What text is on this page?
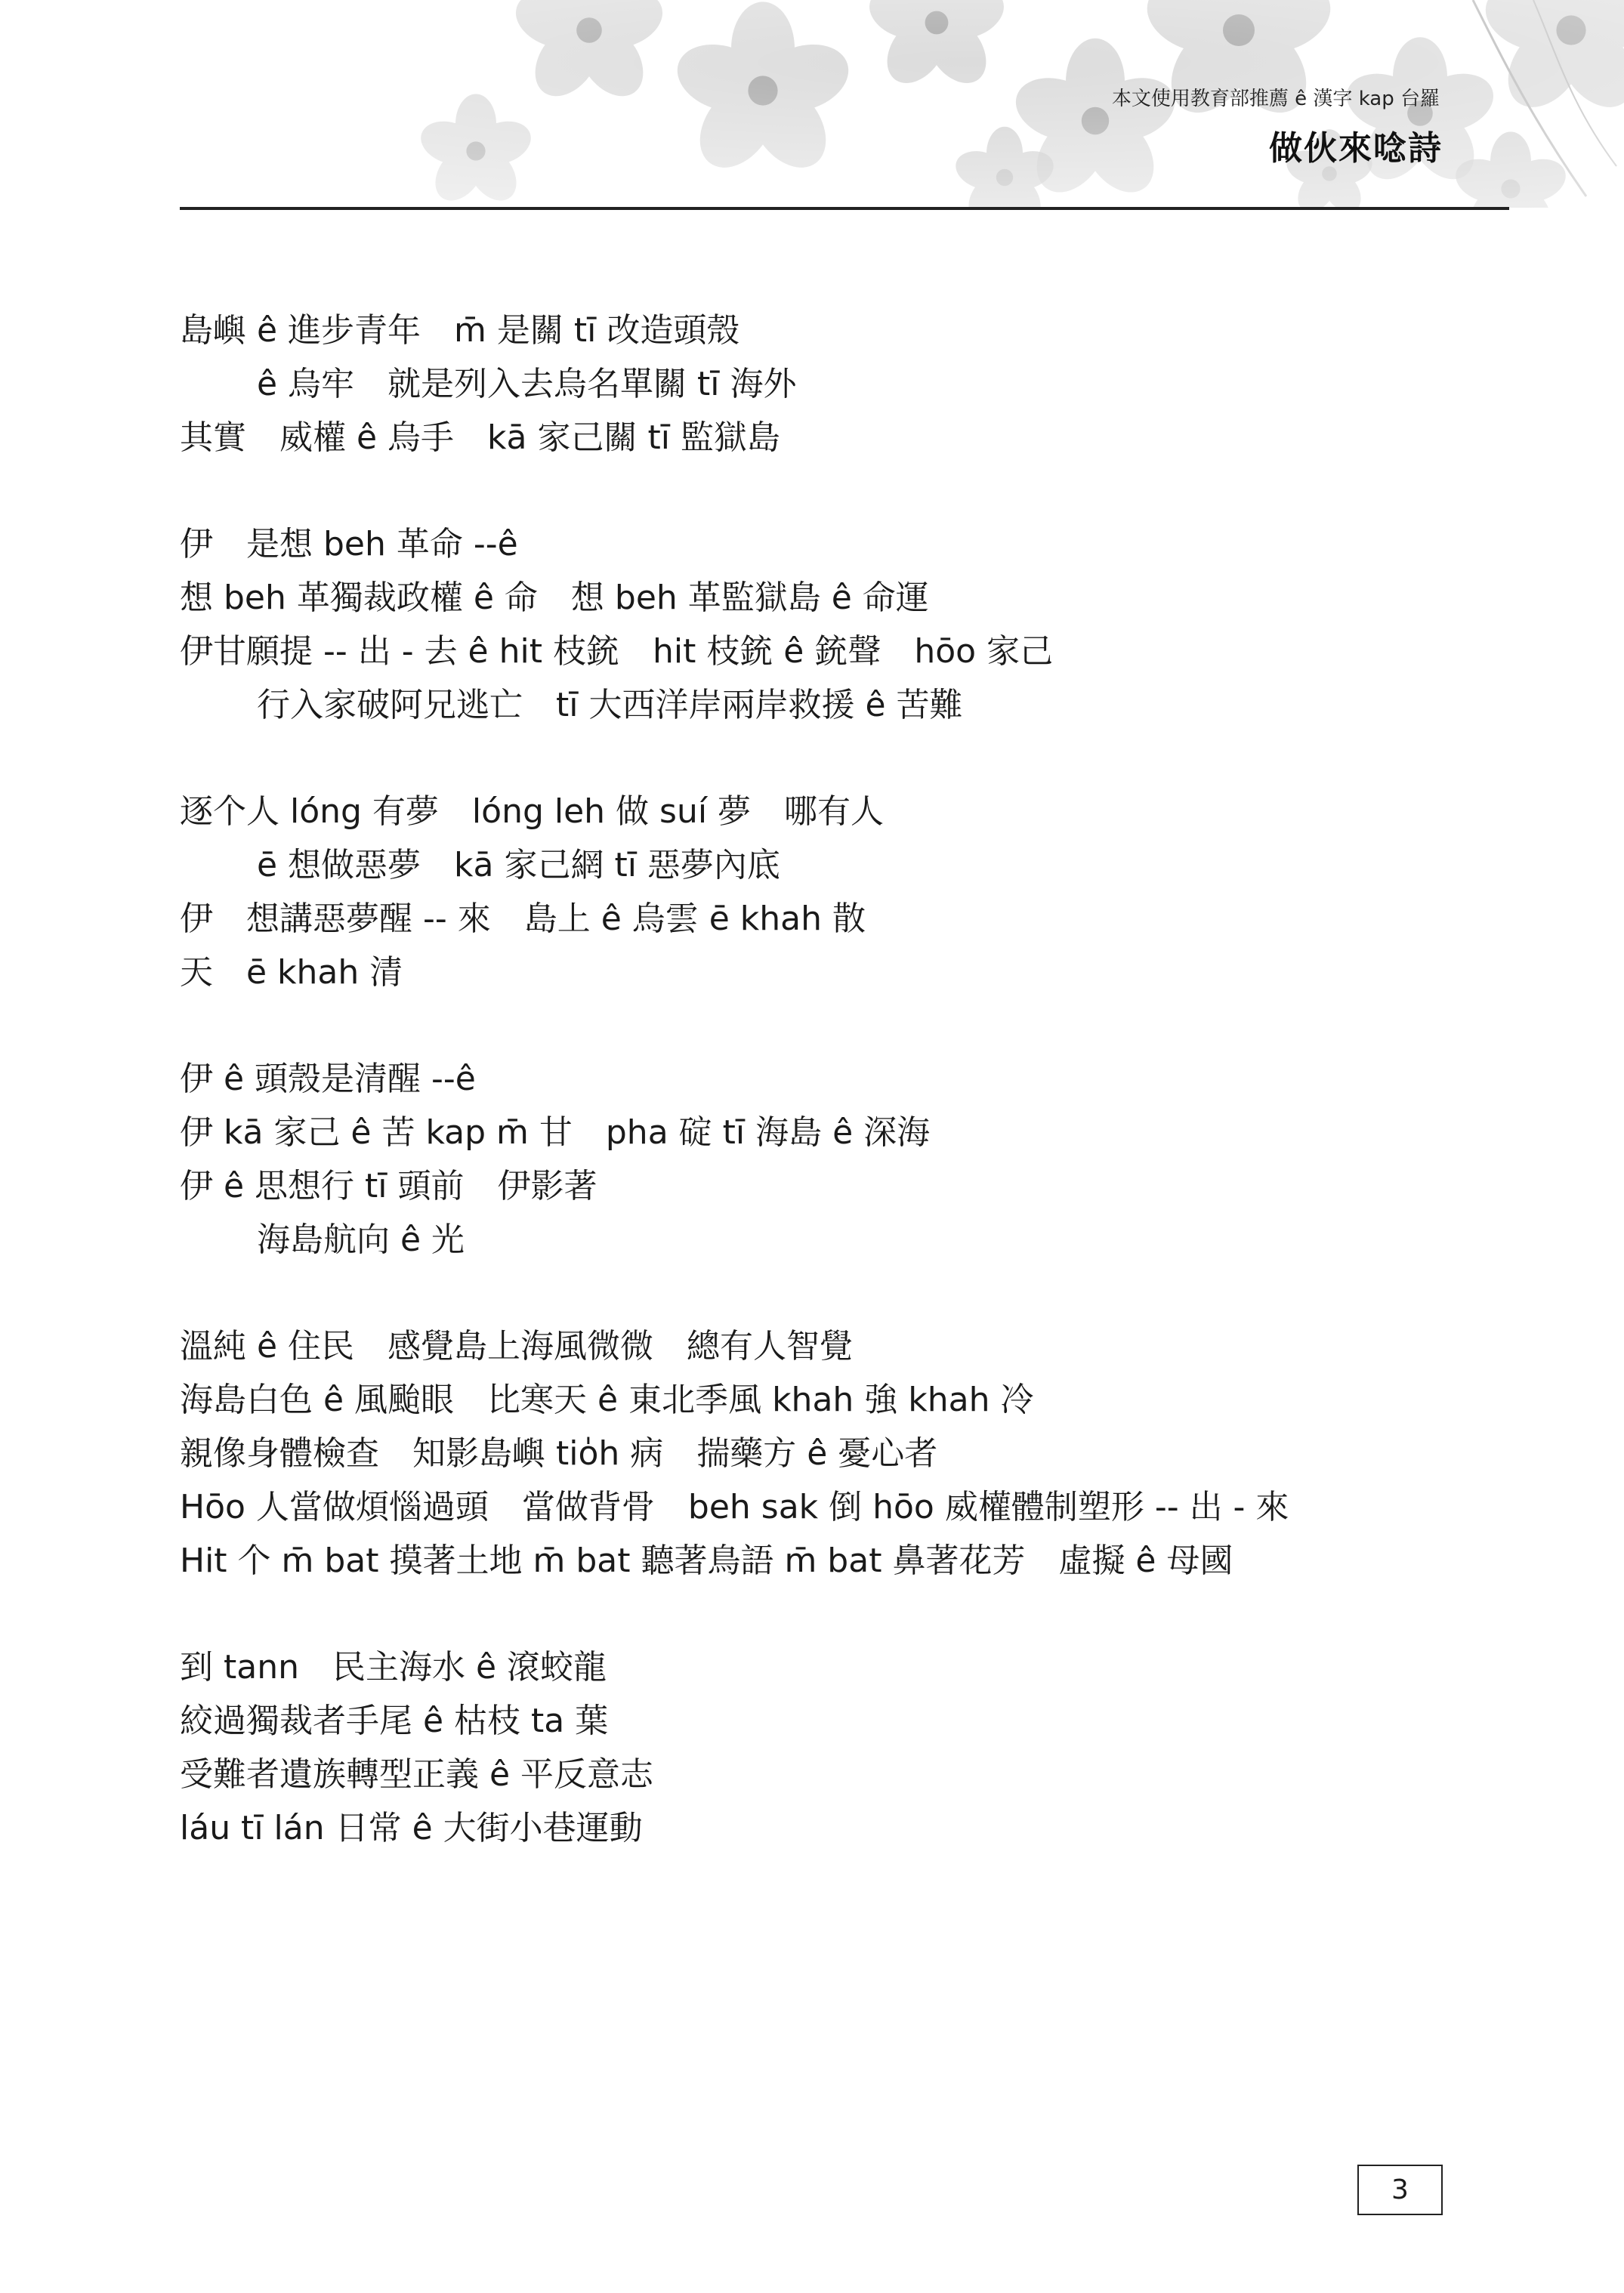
本文使用教育部推薦 ê 漢字 kap 台羅
做伙來唸詩
島嶼 ê 進步青年　m̄ 是關 tī 改造頭殼
ê 烏牢　就是列入去烏名單關 tī 海外
其實　威權 ê 烏手　kā 家己關 tī 監獄島
伊　是想 beh 革命 --ê
想 beh 革獨裁政權 ê 命　想 beh 革監獄島 ê 命運
伊甘願提 -- 出 - 去 ê hit 枝銃　hit 枝銃 ê 銃聲　hōo 家己
行入家破阿兄逃亡　tī 大西洋岸兩岸救援 ê 苦難
逐个人 lóng 有夢　lóng leh 做 suí 夢　哪有人
ē 想做惡夢　kā 家己網 tī 惡夢內底
伊　想講惡夢醒 -- 來　島上 ê 烏雲 ē khah 散
天　ē khah 清
伊 ê 頭殼是清醒 --ê
伊 kā 家己 ê 苦 kap m̄ 甘　pha 碇 tī 海島 ê 深海
伊 ê 思想行 tī 頭前　伊影著
海島航向 ê 光
溫純 ê 住民　感覺島上海風微微　總有人智覺
海島白色 ê 風颱眼　比寒天 ê 東北季風 khah 強 khah 冷
親像身體檢查　知影島嶼 tio̍h 病　揣藥方 ê 憂心者
Hōo 人當做煩惱過頭　當做背骨　beh sak 倒 hōo 威權體制塑形 -- 出 - 來
Hit 个 m̄ bat 摸著土地 m̄ bat 聽著鳥語 m̄ bat 鼻著花芳　虛擬 ê 母國
到 tann　民主海水 ê 滾蛟龍
絞過獨裁者手尾 ê 枯枝 ta 葉
受難者遺族轉型正義 ê 平反意志
láu tī lán 日常 ê 大街小巷運動
3
